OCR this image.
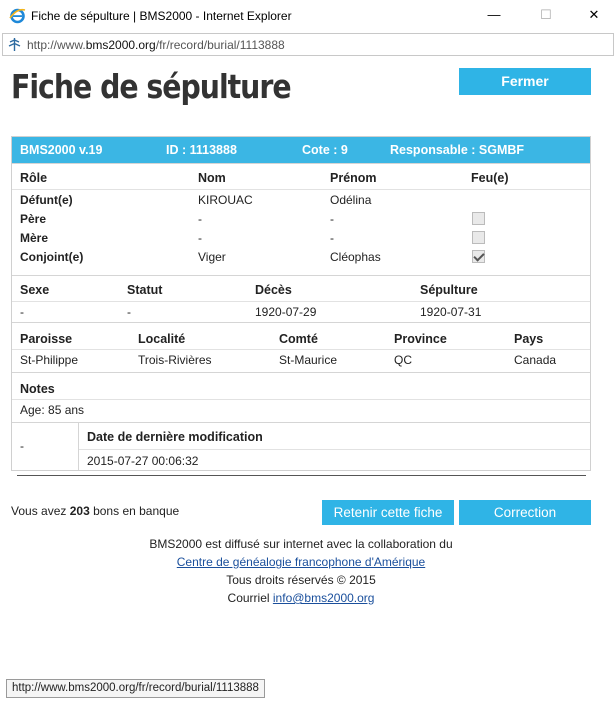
Fiche de sépulture | BMS2000 - Internet Explorer	—	☐	✕
http://www.bms2000.org/fr/record/burial/1113888
Fiche de sépulture	Fermer
BMS2000 v.19	ID : 1113888	Cote : 9	Responsable : SGMBF
Rôle	Nom	Prénom	Feu(e)
Défunt(e)	KIROUAC	Odélina
Père	-	-
Mère	-	-
Conjoint(e)	Viger	Cléophas
Sexe	Statut	Décès	Sépulture
-	-	1920-07-29	1920-07-31
Paroisse	Localité	Comté	Province	Pays
St-Philippe	Trois-Rivières	St-Maurice	QC	Canada
Notes
Age: 85 ans
-
Date de dernière modification
2015-07-27 00:06:32
Vous avez 203 bons en banque	Retenir cette fiche	Correction
BMS2000 est diffusé sur internet avec la collaboration du
Centre de généalogie francophone d'Amérique
Tous droits réservés © 2015
Courriel info@bms2000.org
http://www.bms2000.org/fr/record/burial/1113888
